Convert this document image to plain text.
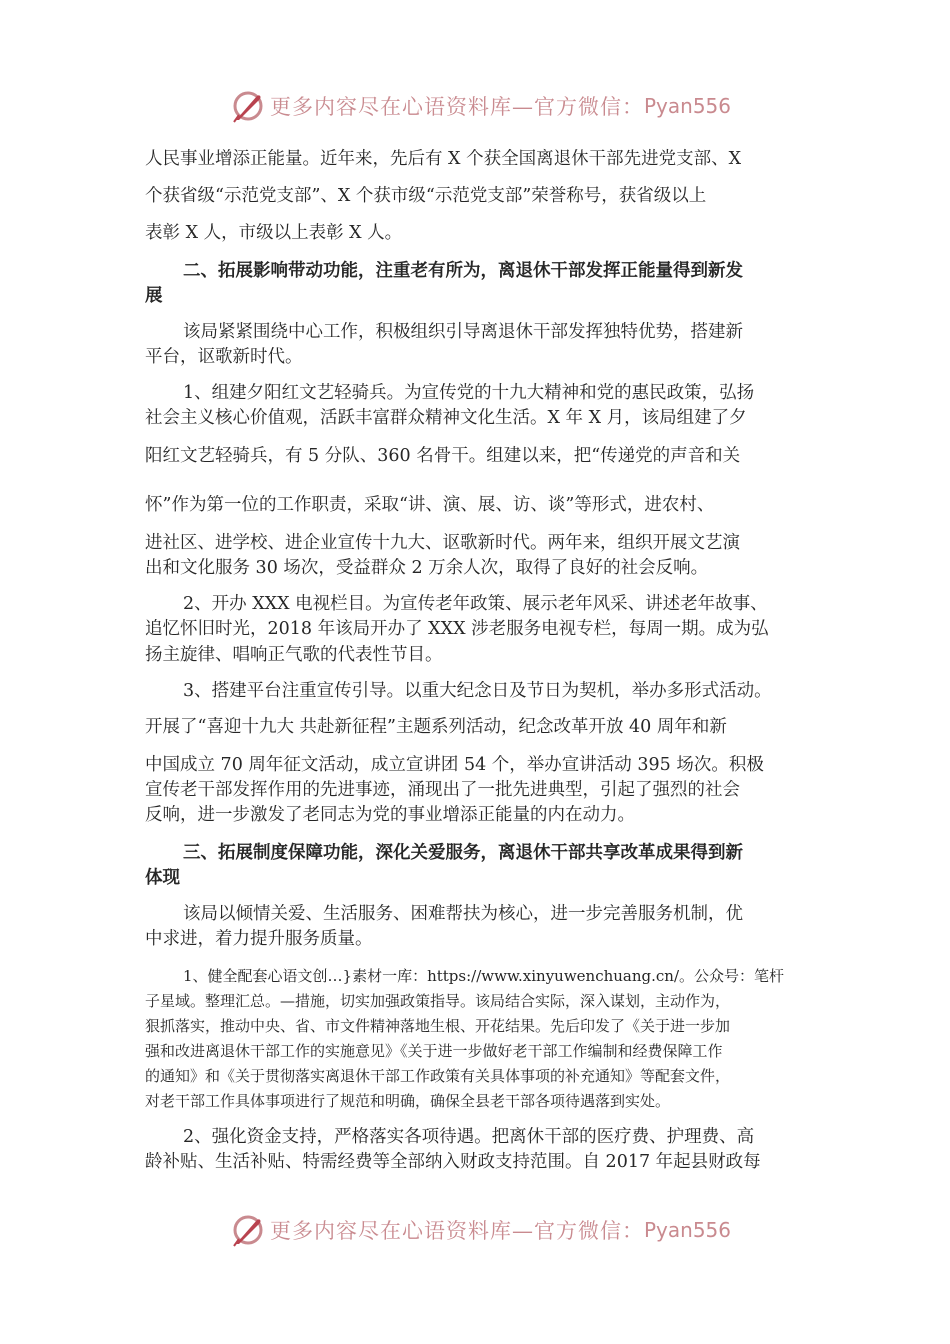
更多内容尽在心语资料库—官方微信： Pyan556
人民事业增添正能量。近年来，先后有 X 个获全国离退休干部先进党支部、X
个获省级“示范党支部”、X 个获市级“示范党支部”荣誉称号，获省级以上
表彰 X 人，市级以上表彰 X 人。
二、拓展影响带动功能，注重老有所为，离退休干部发挥正能量得到新发
展
该局紧紧围绕中心工作，积极组织引导离退休干部发挥独特优势，搭建新
平台，讴歌新时代。
1、组建夕阳红文艺轻骑兵。为宣传党的十九大精神和党的惠民政策，弘扬
社会主义核心价值观，活跃丰富群众精神文化生活。X 年 X 月，该局组建了夕
阳红文艺轻骑兵，有 5 分队、360 名骨干。组建以来，把“传递党的声音和关
怀”作为第一位的工作职责，采取“讲、演、展、访、谈”等形式，进农村、
进社区、进学校、进企业宣传十九大、讴歌新时代。两年来，组织开展文艺演
出和文化服务 30 场次，受益群众 2 万余人次，取得了良好的社会反响。
2、开办 XXX 电视栏目。为宣传老年政策、展示老年风采、讲述老年故事、
追忆怀旧时光，2018 年该局开办了 XXX 涉老服务电视专栏，每周一期。成为弘
扬主旋律、唱响正气歌的代表性节目。
3、搭建平台注重宣传引导。以重大纪念日及节日为契机，举办多形式活动。
开展了“喜迎十九大 共赴新征程”主题系列活动，纪念改革开放 40 周年和新
中国成立 70 周年征文活动，成立宣讲团 54 个，举办宣讲活动 395 场次。积极
宣传老干部发挥作用的先进事迹，涌现出了一批先进典型，引起了强烈的社会
反响，进一步激发了老同志为党的事业增添正能量的内在动力。
三、拓展制度保障功能，深化关爱服务，离退休干部共享改革成果得到新
体现
该局以倾情关爱、生活服务、困难帮扶为核心，进一步完善服务机制，优
中求进，着力提升服务质量。
1、健全配套心语文创…}素材一库：https://www.xinyuwenchuang.cn/。公众号：笔杆
子星域。整理汇总。—措施，切实加强政策指导。该局结合实际，深入谋划，主动作为，
狠抓落实，推动中央、省、市文件精神落地生根、开花结果。先后印发了《关于进一步加
强和改进离退休干部工作的实施意见》《关于进一步做好老干部工作编制和经费保障工作
的通知》和《关于贯彻落实离退休干部工作政策有关具体事项的补充通知》等配套文件，
对老干部工作具体事项进行了规范和明确，确保全县老干部各项待遇落到实处。
2、强化资金支持，严格落实各项待遇。把离休干部的医疗费、护理费、高
龄补贴、生活补贴、特需经费等全部纳入财政支持范围。自 2017 年起县财政每
更多内容尽在心语资料库—官方微信： Pyan556
